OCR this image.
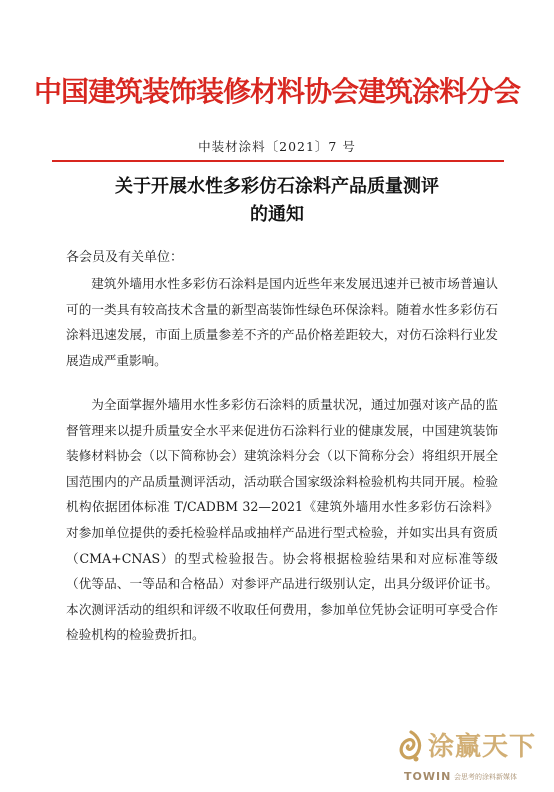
中国建筑装饰装修材料协会建筑涂料分会
中装材涂料〔2021〕7 号
关于开展水性多彩仿石涂料产品质量测评
的通知
各会员及有关单位：
建筑外墙用水性多彩仿石涂料是国内近些年来发展迅速并已被市场普遍认可的一类具有较高技术含量的新型高装饰性绿色环保涂料。随着水性多彩仿石涂料迅速发展，市面上质量参差不齐的产品价格差距较大，对仿石涂料行业发展造成严重影响。
为全面掌握外墙用水性多彩仿石涂料的质量状况，通过加强对该产品的监督管理来以提升质量安全水平来促进仿石涂料行业的健康发展，中国建筑装饰装修材料协会（以下简称协会）建筑涂料分会（以下简称分会）将组织开展全国范围内的产品质量测评活动，活动联合国家级涂料检验机构共同开展。检验机构依据团体标准 T/CADBM 32—2021《建筑外墙用水性多彩仿石涂料》对参加单位提供的委托检验样品或抽样产品进行型式检验，并如实出具有资质（CMA+CNAS）的型式检验报告。协会将根据检验结果和对应标准等级（优等品、一等品和合格品）对参评产品进行级别认定，出具分级评价证书。本次测评活动的组织和评级不收取任何费用，参加单位凭协会证明可享受合作检验机构的检验费折扣。
涂赢天下
TOWIN 会思考的涂料新媒体
